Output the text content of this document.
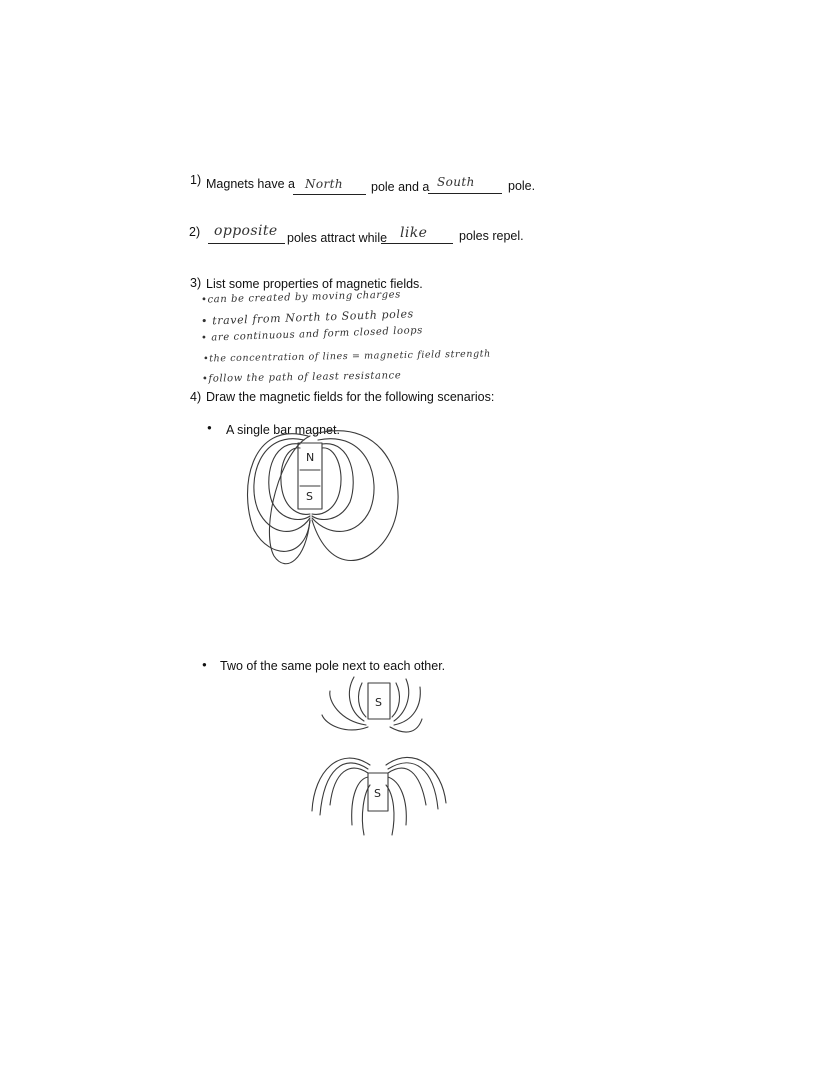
1) Magnets have a North pole and a South	pole.
2) opposite poles attract while like	poles repel.
3) List some properties of magnetic fields.
•can be created by moving charges
• travel from North to South poles
• are continuous and form closed loops
•the concentration of lines = magnetic field strength
•follow the path of least resistance
4) Draw the magnetic fields for the following scenarios:
● A single bar magnet.
N
S
● Two of the same pole next to each other.
S
S
